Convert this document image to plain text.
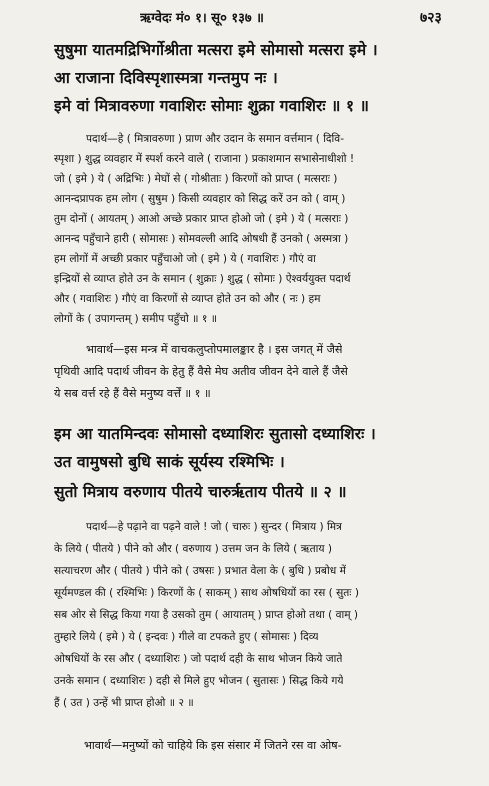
ऋग्वेदः मं० १। सू० १३७ ॥	७२३
सुषुमा यातमद्रिभिर्गोश्रीता मत्सरा इमे सोमासो मत्सरा इमे ।
आ राजाना दिविस्पृशास्मत्रा गन्तमुप नः ।
इमे वां मित्रावरुणा गवाशिरः सोमाः शुक्रा गवाशिरः ॥ १ ॥
पदार्थ—हे ( मित्रावरुणा ) प्राण और उदान के समान वर्त्तमान ( दिवि-
स्पृशा ) शुद्ध व्यवहार में स्पर्श करने वाले ( राजाना ) प्रकाशमान सभासेनाधीशो !
जो ( इमे ) ये ( अद्रिभिः ) मेघों से ( गोश्रीताः ) किरणों को प्राप्त ( मत्सराः )
आनन्दप्रापक हम लोग ( सुषुम ) किसी व्यवहार को सिद्ध करें उन को ( वाम् )
तुम दोनों ( आयतम् ) आओ अच्छे प्रकार प्राप्त होओ जो ( इमे ) ये ( मत्सराः )
आनन्द पहुँचाने हारी ( सोमासः ) सोमवल्ली आदि ओषधी हैं उनको ( अस्मत्रा )
हम लोगों में अच्छी प्रकार पहुँचाओ जो ( इमे ) ये ( गवाशिरः ) गौएं वा
इन्द्रियों से व्याप्त होते उन के समान ( शुक्राः ) शुद्ध ( सोमाः ) ऐश्वर्ययुक्त पदार्थ
और ( गवाशिरः ) गौएं वा किरणों से व्याप्त होते उन को और ( नः ) हम
लोगों के ( उपागन्तम् ) समीप पहुँचो ॥ १ ॥
भावार्थ—इस मन्त्र में वाचकलुप्तोपमालङ्कार है । इस जगत् में जैसे
पृथिवी आदि पदार्थ जीवन के हेतु हैं वैसे मेघ अतीव जीवन देने वाले हैं जैसे
ये सब वर्त्त रहे हैं वैसे मनुष्य वर्त्तें ॥ १ ॥
इम आ यातमिन्दवः सोमासो दध्याशिरः सुतासो दध्याशिरः ।
उत वामुषसो बुधि साकं सूर्यस्य रश्मिभिः ।
सुतो मित्राय वरुणाय पीतये चारुर्ऋताय पीतये ॥ २ ॥
पदार्थ—हे पढ़ाने वा पढ़ने वाले ! जो ( चारुः ) सुन्दर ( मित्राय ) मित्र
के लिये ( पीतये ) पीने को और ( वरुणाय ) उत्तम जन के लिये ( ऋताय )
सत्याचरण और ( पीतये ) पीने को ( उषसः ) प्रभात वेला के ( बुधि ) प्रबोध में
सूर्यमण्डल की ( रश्मिभिः ) किरणों के ( साकम् ) साथ ओषधियों का रस ( सुतः )
सब ओर से सिद्ध किया गया है उसको तुम ( आयातम् ) प्राप्त होओ तथा ( वाम् )
तुम्हारे लिये ( इमे ) ये ( इन्दवः ) गीले वा टपकते हुए ( सोमासः ) दिव्य
ओषधियों के रस और ( दध्याशिरः ) जो पदार्थ दही के साथ भोजन किये जाते
उनके समान ( दध्याशिरः ) दही से मिले हुए भोजन ( सुतासः ) सिद्ध किये गये
हैं ( उत ) उन्हें भी प्राप्त होओ ॥ २ ॥
भावार्थ—मनुष्यों को चाहिये कि इस संसार में जितने रस वा ओष-
